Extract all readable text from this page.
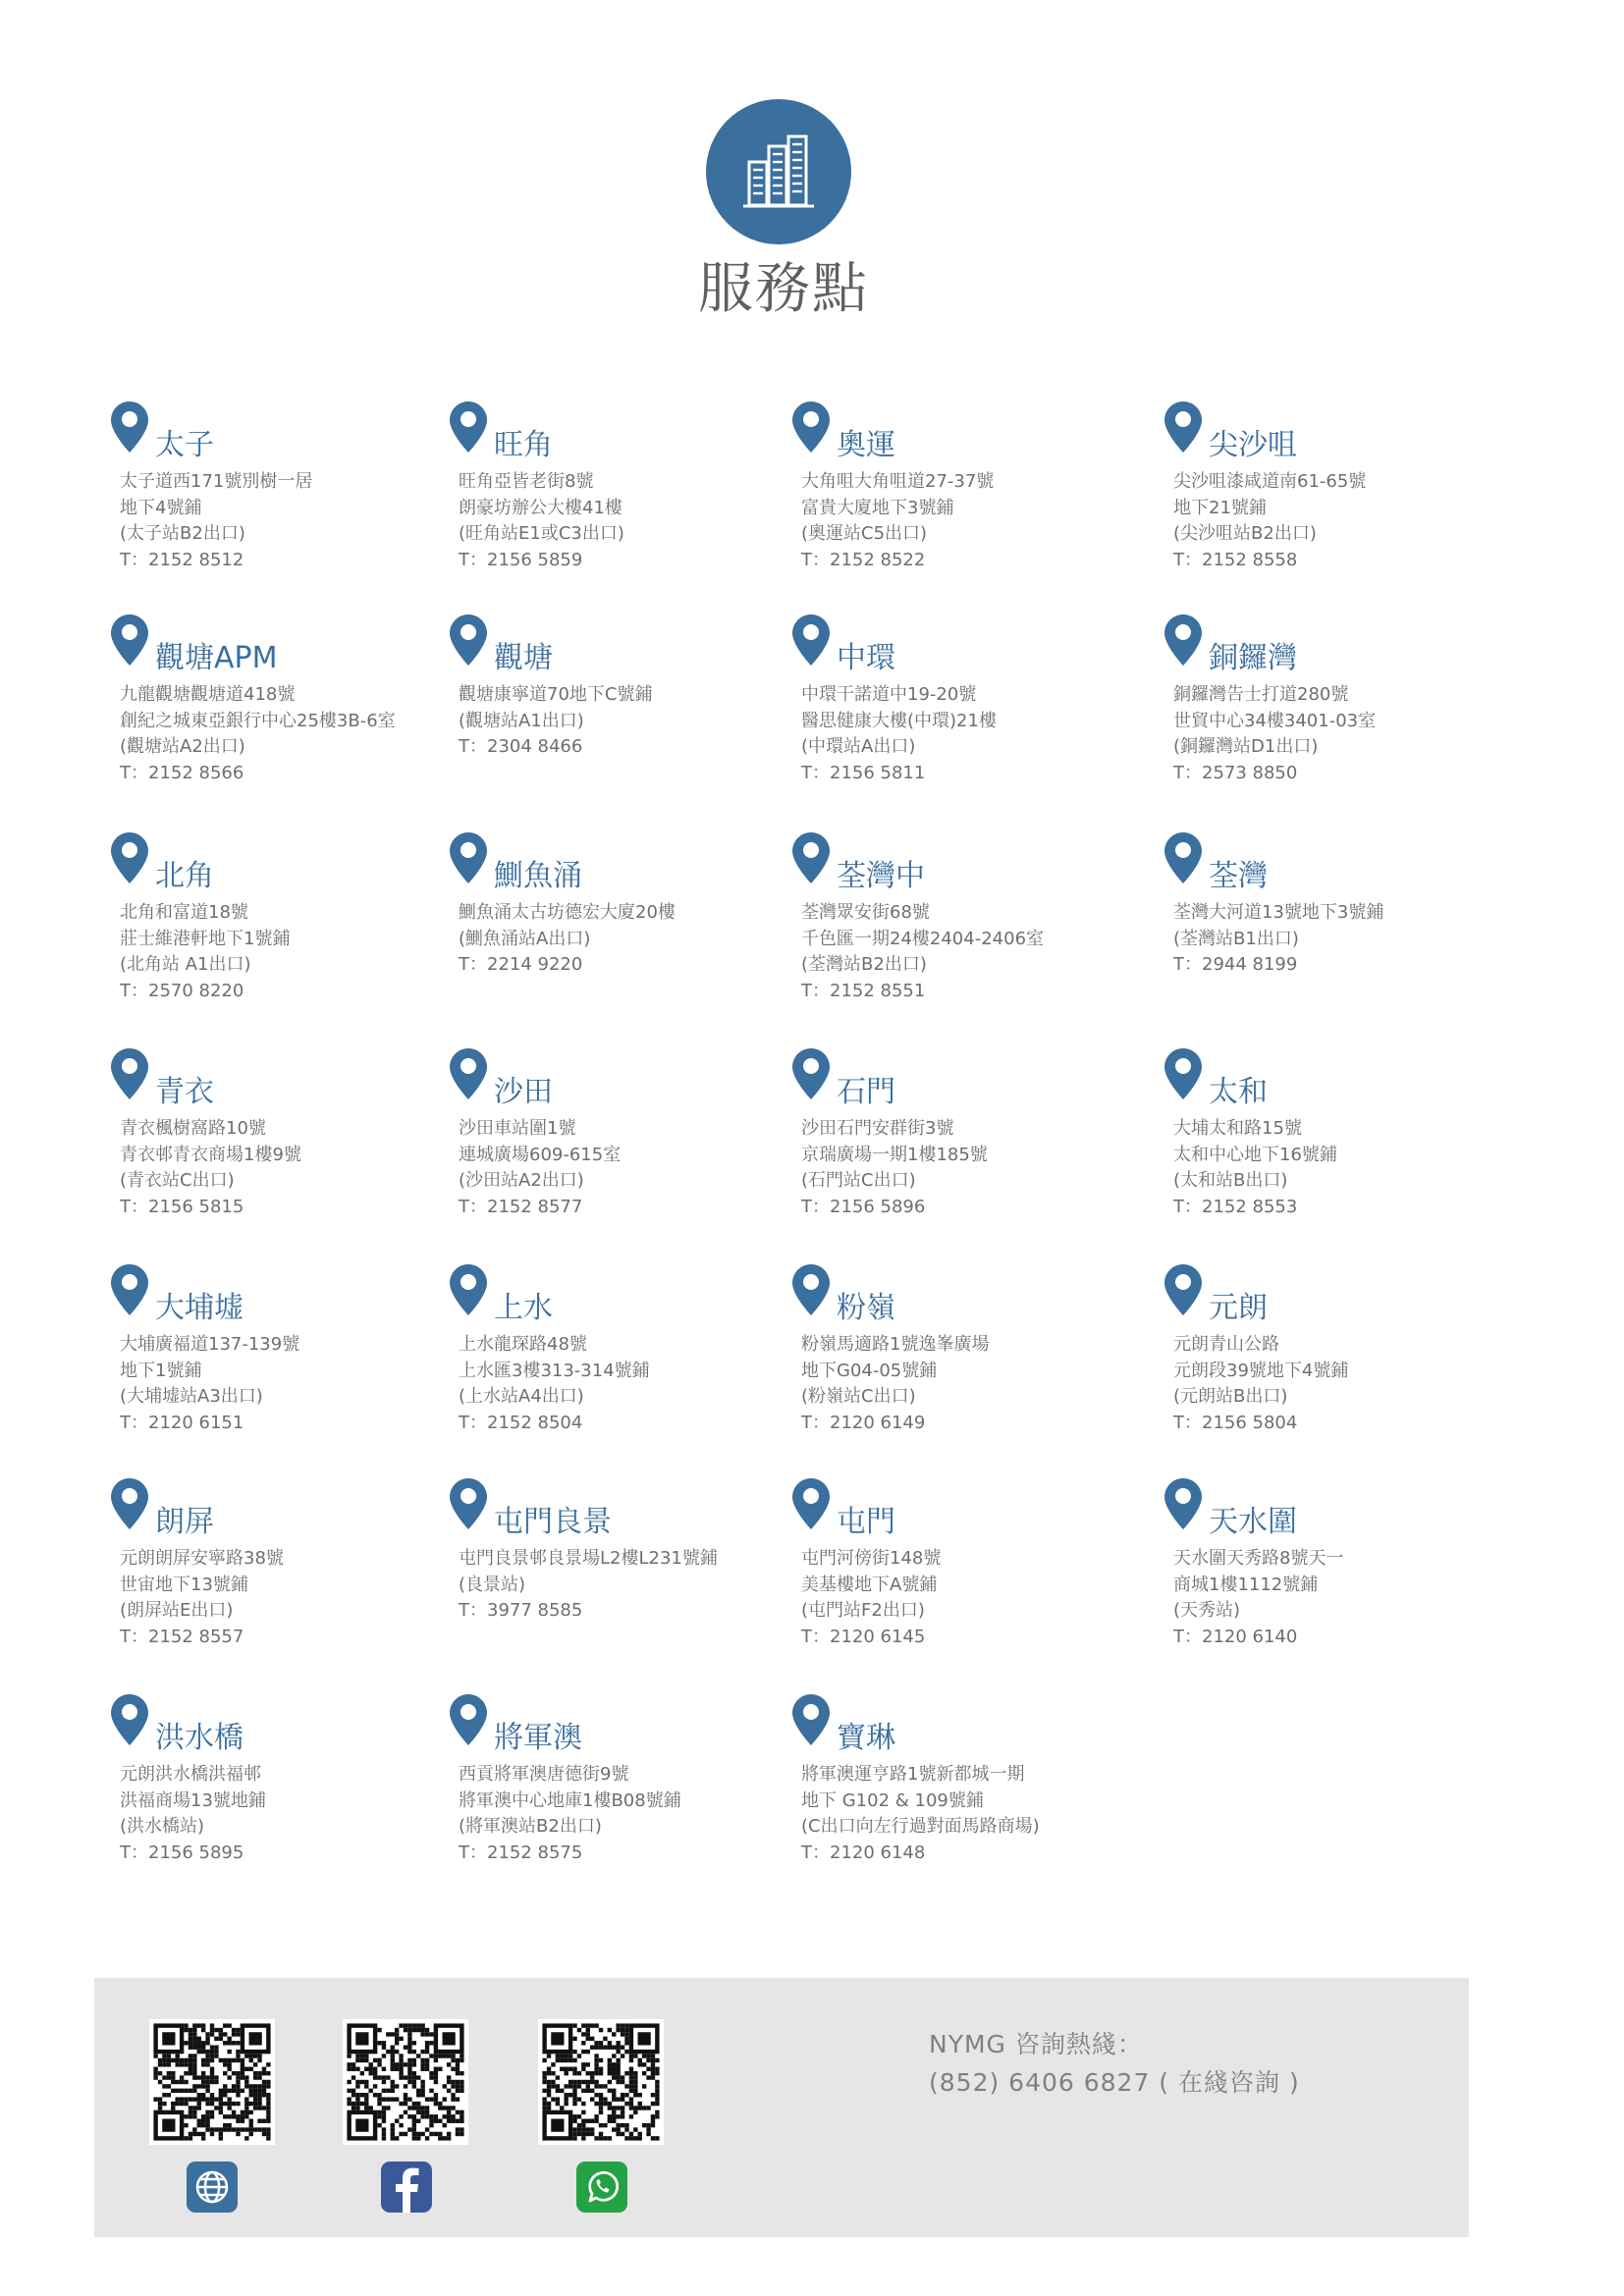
服務點
太子
太子道西171號別樹一居
地下4號鋪
(太子站B2出口)
T：2152 8512
旺角
旺角亞皆老街8號
朗豪坊辦公大樓41樓
(旺角站E1或C3出口)
T：2156 5859
奧運
大角咀大角咀道27-37號
富貴大廈地下3號鋪
(奧運站C5出口)
T：2152 8522
尖沙咀
尖沙咀漆咸道南61-65號
地下21號鋪
(尖沙咀站B2出口)
T：2152 8558
觀塘APM
九龍觀塘觀塘道418號
創紀之城東亞銀行中心25樓3B-6室
(觀塘站A2出口)
T：2152 8566
觀塘
觀塘康寧道70地下C號鋪
(觀塘站A1出口)
T：2304 8466
中環
中環干諾道中19-20號
醫思健康大樓(中環)21樓
(中環站A出口)
T：2156 5811
銅鑼灣
銅鑼灣告士打道280號
世貿中心34樓3401-03室
(銅鑼灣站D1出口)
T：2573 8850
北角
北角和富道18號
莊士維港軒地下1號鋪
(北角站 A1出口)
T：2570 8220
鰂魚涌
鰂魚涌太古坊德宏大廈20樓
(鰂魚涌站A出口)
T：2214 9220
荃灣中
荃灣眾安街68號
千色匯一期24樓2404-2406室
(荃灣站B2出口)
T：2152 8551
荃灣
荃灣大河道13號地下3號鋪
(荃灣站B1出口)
T：2944 8199
青衣
青衣楓樹窩路10號
青衣邨青衣商場1樓9號
(青衣站C出口)
T：2156 5815
沙田
沙田車站圍1號
連城廣場609-615室
(沙田站A2出口)
T：2152 8577
石門
沙田石門安群街3號
京瑞廣場一期1樓185號
(石門站C出口)
T：2156 5896
太和
大埔太和路15號
太和中心地下16號鋪
(太和站B出口)
T：2152 8553
大埔墟
大埔廣福道137-139號
地下1號鋪
(大埔墟站A3出口)
T：2120 6151
上水
上水龍琛路48號
上水匯3樓313-314號鋪
(上水站A4出口)
T：2152 8504
粉嶺
粉嶺馬適路1號逸峯廣場
地下G04-05號鋪
(粉嶺站C出口)
T：2120 6149
元朗
元朗青山公路
元朗段39號地下4號鋪
(元朗站B出口)
T：2156 5804
朗屏
元朗朗屏安寧路38號
世宙地下13號鋪
(朗屏站E出口)
T：2152 8557
屯門良景
屯門良景邨良景場L2樓L231號鋪
(良景站)
T：3977 8585
屯門
屯門河傍街148號
美基樓地下A號鋪
(屯門站F2出口)
T：2120 6145
天水圍
天水圍天秀路8號天一
商城1樓1112號鋪
(天秀站)
T：2120 6140
洪水橋
元朗洪水橋洪福邨
洪福商場13號地鋪
(洪水橋站)
T：2156 5895
將軍澳
西貢將軍澳唐德街9號
將軍澳中心地庫1樓B08號鋪
(將軍澳站B2出口)
T：2152 8575
寶琳
將軍澳運亨路1號新都城一期
地下 G102 & 109號鋪
(C出口向左行過對面馬路商場)
T：2120 6148
NYMG 咨詢熱綫：
(852) 6406 6827 ( 在綫咨詢 )
